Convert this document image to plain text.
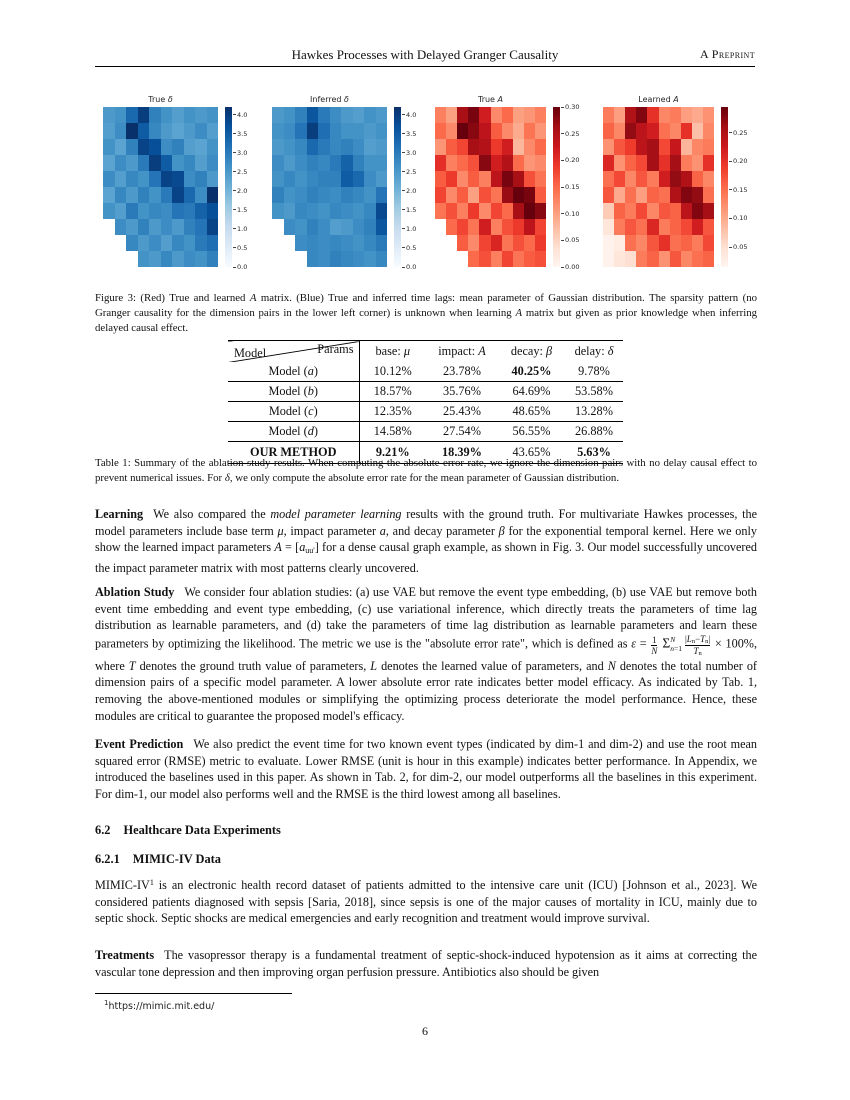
Hawkes Processes with Delayed Granger Causality	A Preprint
True δ
4.0
3.5
3.0
2.5
2.0
1.5
1.0
0.5
0.0
Inferred δ
4.0
3.5
3.0
2.5
2.0
1.5
1.0
0.5
0.0
True A
0.30
0.25
0.20
0.15
0.10
0.05
0.00
Learned A
0.25
0.20
0.15
0.10
0.05
Figure 3: (Red) True and learned A matrix. (Blue) True and inferred time lags: mean parameter of Gaussian distribution. The sparsity pattern (no Granger causality for the dimension pairs in the lower left corner) is unknown when learning A matrix but given as prior knowledge when inferring delayed causal effect.
Params
Model	base: μ	impact: A	decay: β	delay: δ
Model (a)	10.12%	23.78%	40.25%	9.78%
Model (b)	18.57%	35.76%	64.69%	53.58%
Model (c)	12.35%	25.43%	48.65%	13.28%
Model (d)	14.58%	27.54%	56.55%	26.88%
OUR METHOD	9.21%	18.39%	43.65%	5.63%
Table 1: Summary of the ablation study results. When computing the absolute error rate, we ignore the dimension pairs with no delay causal effect to prevent numerical issues. For δ, we only compute the absolute error rate for the mean parameter of Gaussian distribution.
Learning We also compared the model parameter learning results with the ground truth. For multivariate Hawkes processes, the model parameters include base term μ, impact parameter a, and decay parameter β for the exponential temporal kernel. Here we only show the learned impact parameters A = [auu'] for a dense causal graph example, as shown in Fig. 3. Our model successfully uncovered the impact parameter matrix with most patterns clearly uncovered.
Ablation Study We consider four ablation studies: (a) use VAE but remove the event type embedding, (b) use VAE but remove both event time embedding and event type embedding, (c) use variational inference, which directly treats the parameters of time lag distribution as learnable parameters, and (d) take the parameters of time lag distribution as learnable parameters and learn these parameters by optimizing the likelihood. The metric we use is the "absolute error rate", which is defined as $\varepsilon = \frac{1}{N}$ Σ N
$n=1 \frac{|Ln-Tn|}{Tn} \times 100\%$, where T denotes the ground truth value of parameters, L denotes the learned value of parameters, and N denotes the total number of dimension pairs of a specific model parameter. A lower absolute error rate indicates better model efficacy. As indicated by Tab. 1, removing the above-mentioned modules or simplifying the optimizing process deteriorate the model performance. Hence, these modules are critical to guarantee the proposed model's efficacy.
Event Prediction We also predict the event time for two known event types (indicated by dim-1 and dim-2) and use the root mean squared error (RMSE) metric to evaluate. Lower RMSE (unit is hour in this example) indicates better performance. In Appendix, we introduced the baselines used in this paper. As shown in Tab. 2, for dim-2, our model outperforms all the baselines in this experiment. For dim-1, our model also performs well and the RMSE is the third lowest among all baselines.
6.2 Healthcare Data Experiments
6.2.1 MIMIC-IV Data
MIMIC-$IV^1$ is an electronic health record dataset of patients admitted to the intensive care unit (ICU) [Johnson et al., 2023]. We considered patients diagnosed with sepsis [Saria, 2018], since sepsis is one of the major causes of mortality in ICU, mainly due to septic shock. Septic shocks are medical emergencies and early recognition and treatment would improve survival.
Treatments The vasopressor therapy is a fundamental treatment of septic-shock-induced hypotension as it aims at correcting the vascular tone depression and then improving organ perfusion pressure. Antibiotics also should be given
$^1$https://mimic.mit.edu/
6
